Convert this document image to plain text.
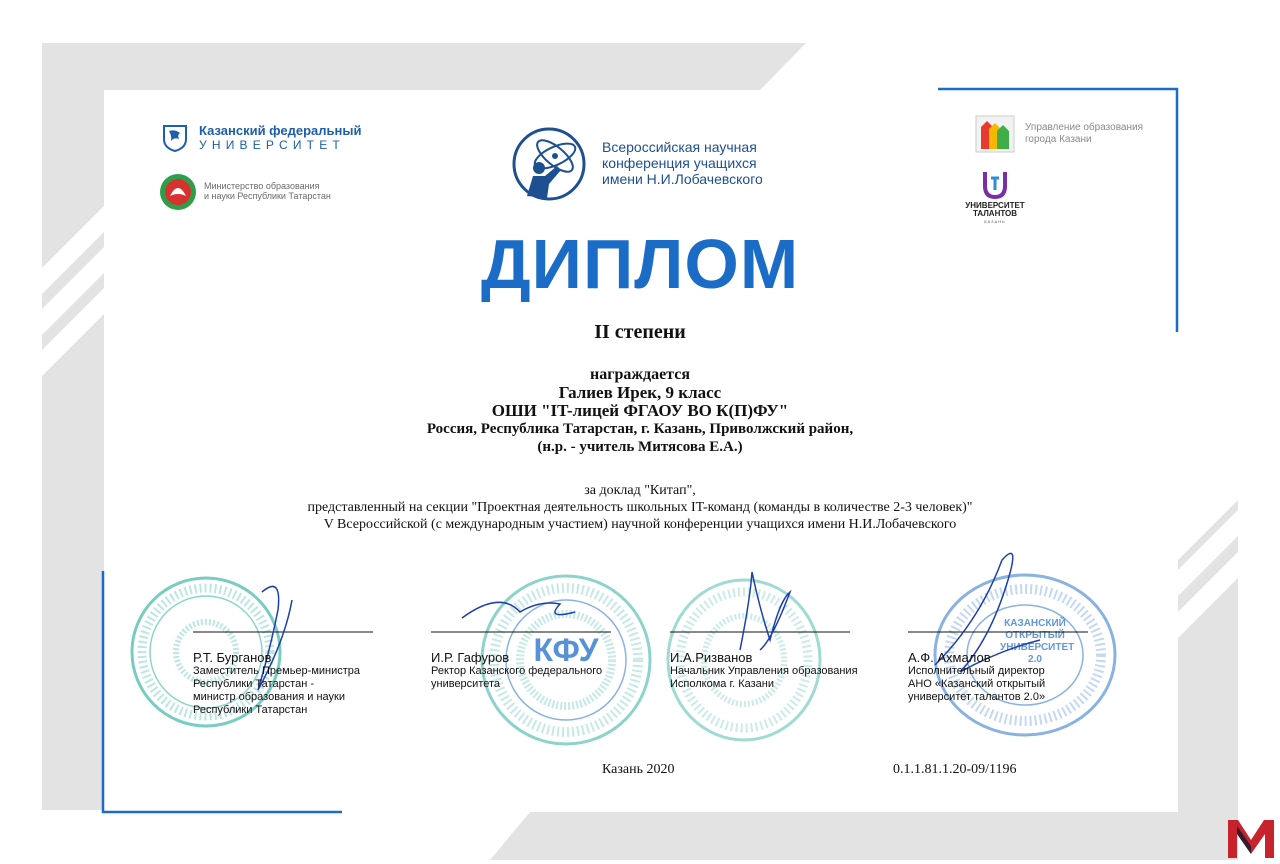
Казанский федеральный
УНИВЕРСИТЕТ
Министерство образования
и науки Республики Татарстан
Всероссийская научная
конференция учащихся
имени Н.И.Лобачевского
Управление образования
города Казани
УНИВЕРСИТЕТ
ТАЛАНТОВ
КАЗАНЬ
ДИПЛОМ
II степени
награждается
Галиев Ирек, 9 класс
ОШИ "IT-лицей ФГАОУ ВО К(П)ФУ"
Россия, Республика Татарстан, г. Казань, Приволжский район,
(н.р. - учитель Митясова Е.А.)
за доклад "Китап",
представленный на секции "Проектная деятельность школьных IT-команд (команды в количестве 2-3 человек)"
V Всероссийской (с международным участием) научной конференции учащихся имени Н.И.Лобачевского
КФУ
КАЗАНСКИЙ
ОТКРЫТЫЙ
УНИВЕРСИТЕТ
2.0
Р.Т. Бурганов
Заместитель Премьер-министра
Республики Татарстан -
министр образования и науки
Республики Татарстан
И.Р. Гафуров
Ректор Казанского федерального
университета
И.А.Ризванов
Начальник Управления образования
Исполкома г. Казани
А.Ф. Ахмалов
Исполнительный директор
АНО «Казанский открытый
университет талантов 2.0»
Казань 2020	0.1.1.81.1.20-09/1196
